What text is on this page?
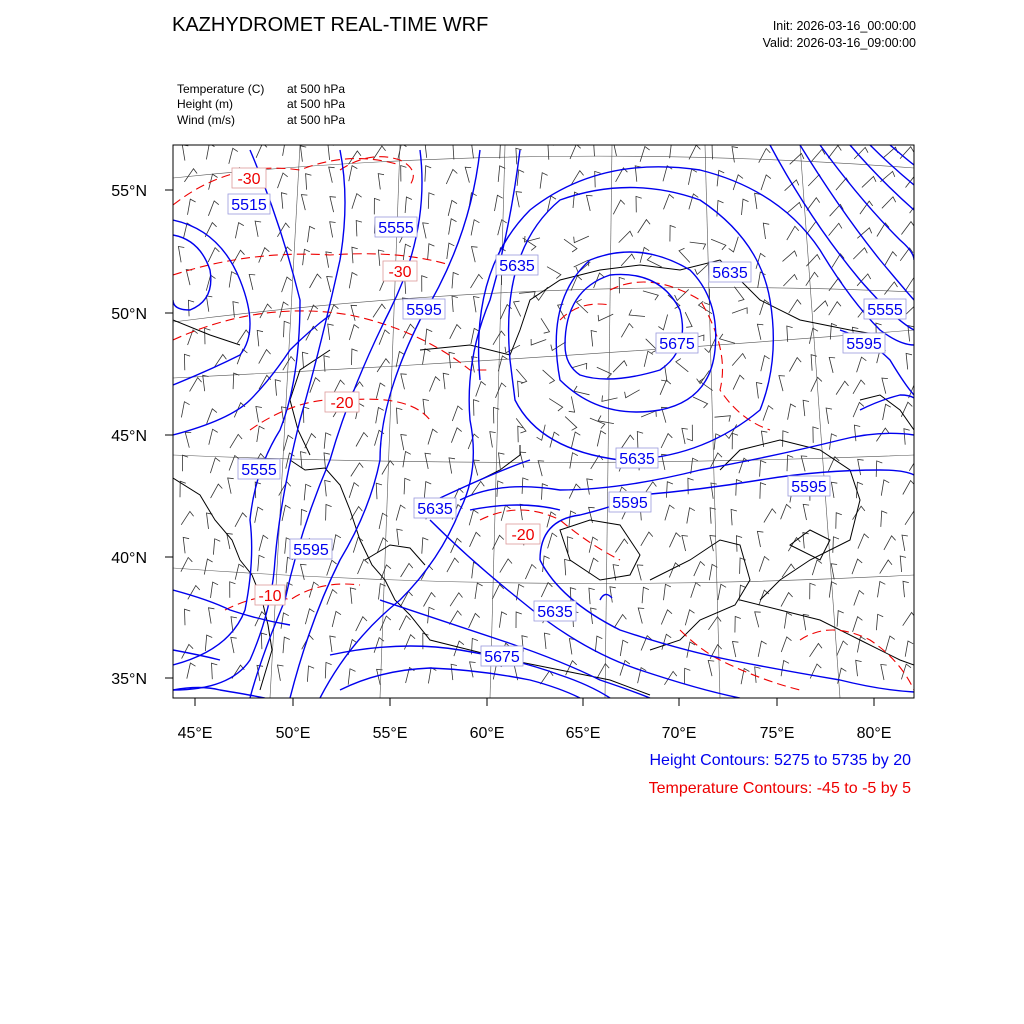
KAZHYDROMET REAL-TIME WRF	Init: 2026-03-16_00:00:00
Valid: 2026-03-16_09:00:00
Temperature (C) at 500 hPa
Height (m)	at 500 hPa
Wind (m/s)	at 500 hPa
55°N
50°N
45°N
40°N
35°N
45°E	50°E	55°E	60°E	65°E	70°E	75°E	80°E
5515
5555
5635	5635
5555
5595
5675	5595
5555
5635
5595
5595
5635
5595
5635
5675
-30
-30
-20
-20
-10
Height Contours: 5275 to 5735 by 20
Temperature Contours: -45 to -5 by 5
